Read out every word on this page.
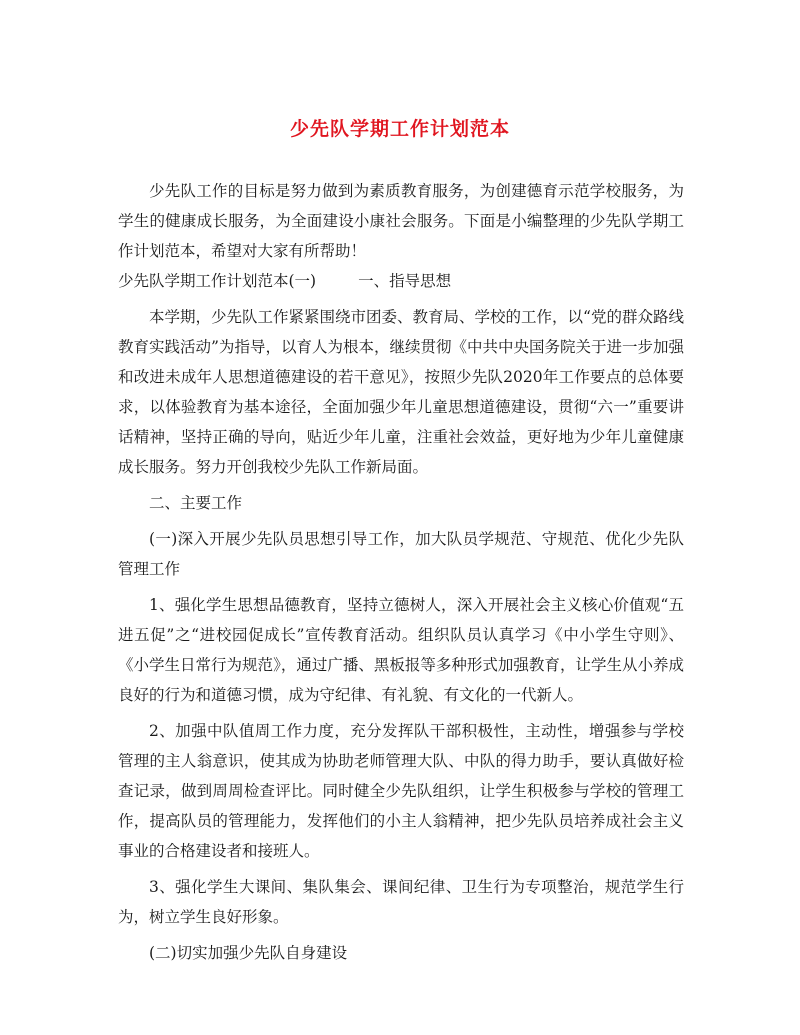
少先队学期工作计划范本

少先队工作的目标是努力做到为素质教育服务，为创建德育示范学校服务，为学生的健康成长服务，为全面建设小康社会服务。下面是小编整理的少先队学期工作计划范本，希望对大家有所帮助！

少先队学期工作计划范本(一)	一、指导思想

本学期，少先队工作紧紧围绕市团委、教育局、学校的工作，以“党的群众路线教育实践活动”为指导，以育人为根本，继续贯彻《中共中央国务院关于进一步加强和改进未成年人思想道德建设的若干意见》，按照少先队2020年工作要点的总体要求，以体验教育为基本途径，全面加强少年儿童思想道德建设，贯彻“六一”重要讲话精神，坚持正确的导向，贴近少年儿童，注重社会效益，更好地为少年儿童健康成长服务。努力开创我校少先队工作新局面。

二、主要工作

(一)深入开展少先队员思想引导工作，加大队员学规范、守规范、优化少先队管理工作

1、强化学生思想品德教育，坚持立德树人，深入开展社会主义核心价值观“五进五促”之“进校园促成长”宣传教育活动。组织队员认真学习《中小学生守则》、《小学生日常行为规范》，通过广播、黑板报等多种形式加强教育，让学生从小养成良好的行为和道德习惯，成为守纪律、有礼貌、有文化的一代新人。

2、加强中队值周工作力度，充分发挥队干部积极性，主动性，增强参与学校管理的主人翁意识，使其成为协助老师管理大队、中队的得力助手，要认真做好检查记录，做到周周检查评比。同时健全少先队组织，让学生积极参与学校的管理工作，提高队员的管理能力，发挥他们的小主人翁精神，把少先队员培养成社会主义事业的合格建设者和接班人。

3、强化学生大课间、集队集会、课间纪律、卫生行为专项整治，规范学生行为，树立学生良好形象。

(二)切实加强少先队自身建设
